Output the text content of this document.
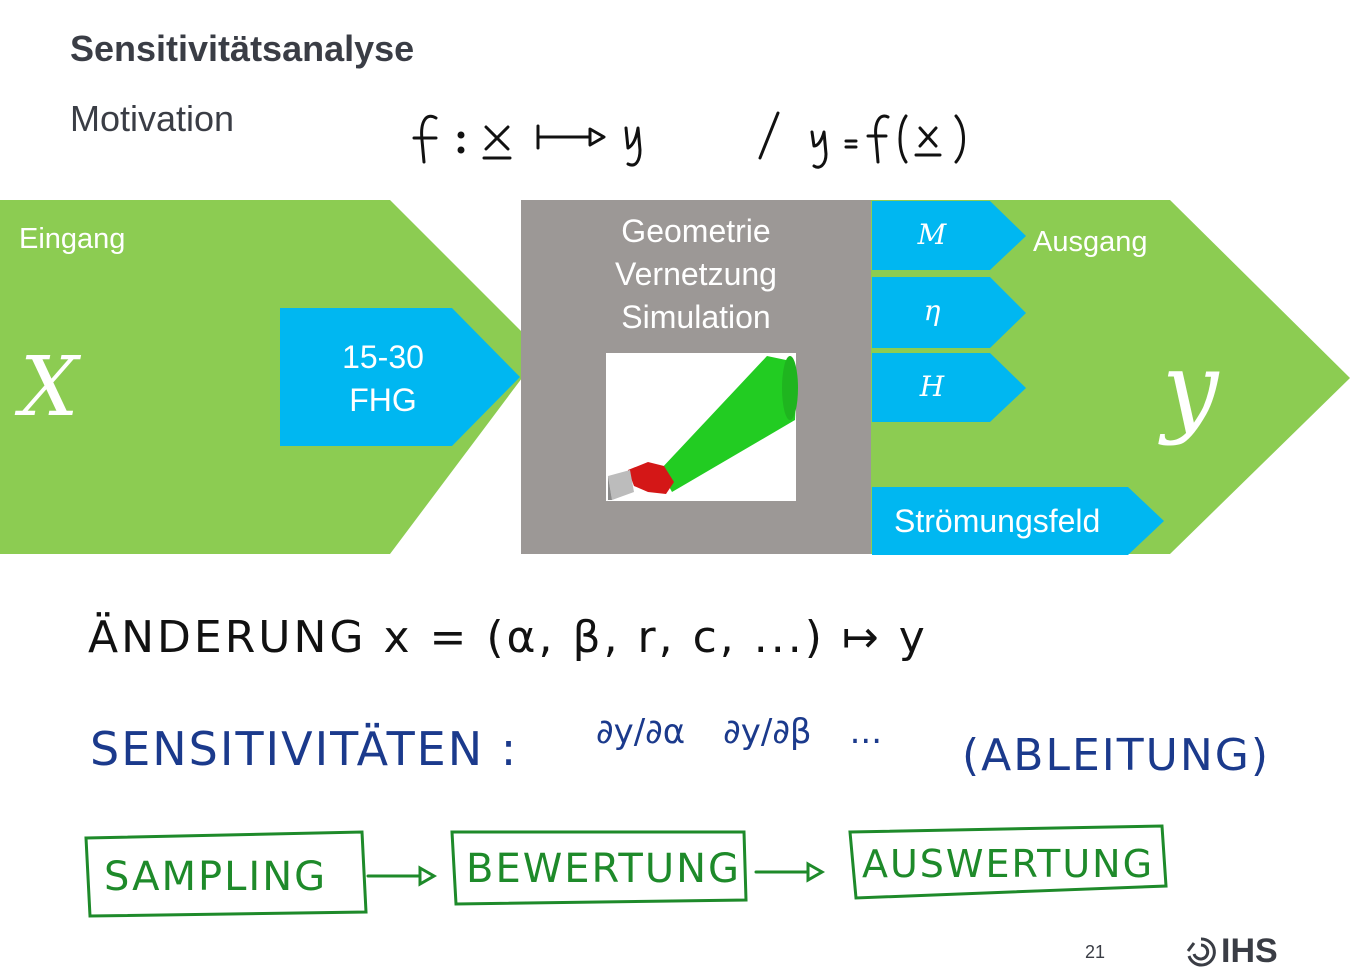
Sensitivitätsanalyse
Motivation
Eingang
X	15-30
FHG
Geometrie
Vernetzung
Simulation
M
η
H
Ausgang
y
Strömungsfeld
ÄNDERUNG x = (α, β, r, c, ...) ↦ y
SENSITIVITÄTEN : ∂y/∂α ∂y/∂β ... (ABLEITUNG)
SAMPLING	BEWERTUNG	AUSWERTUNG
21	IHS
